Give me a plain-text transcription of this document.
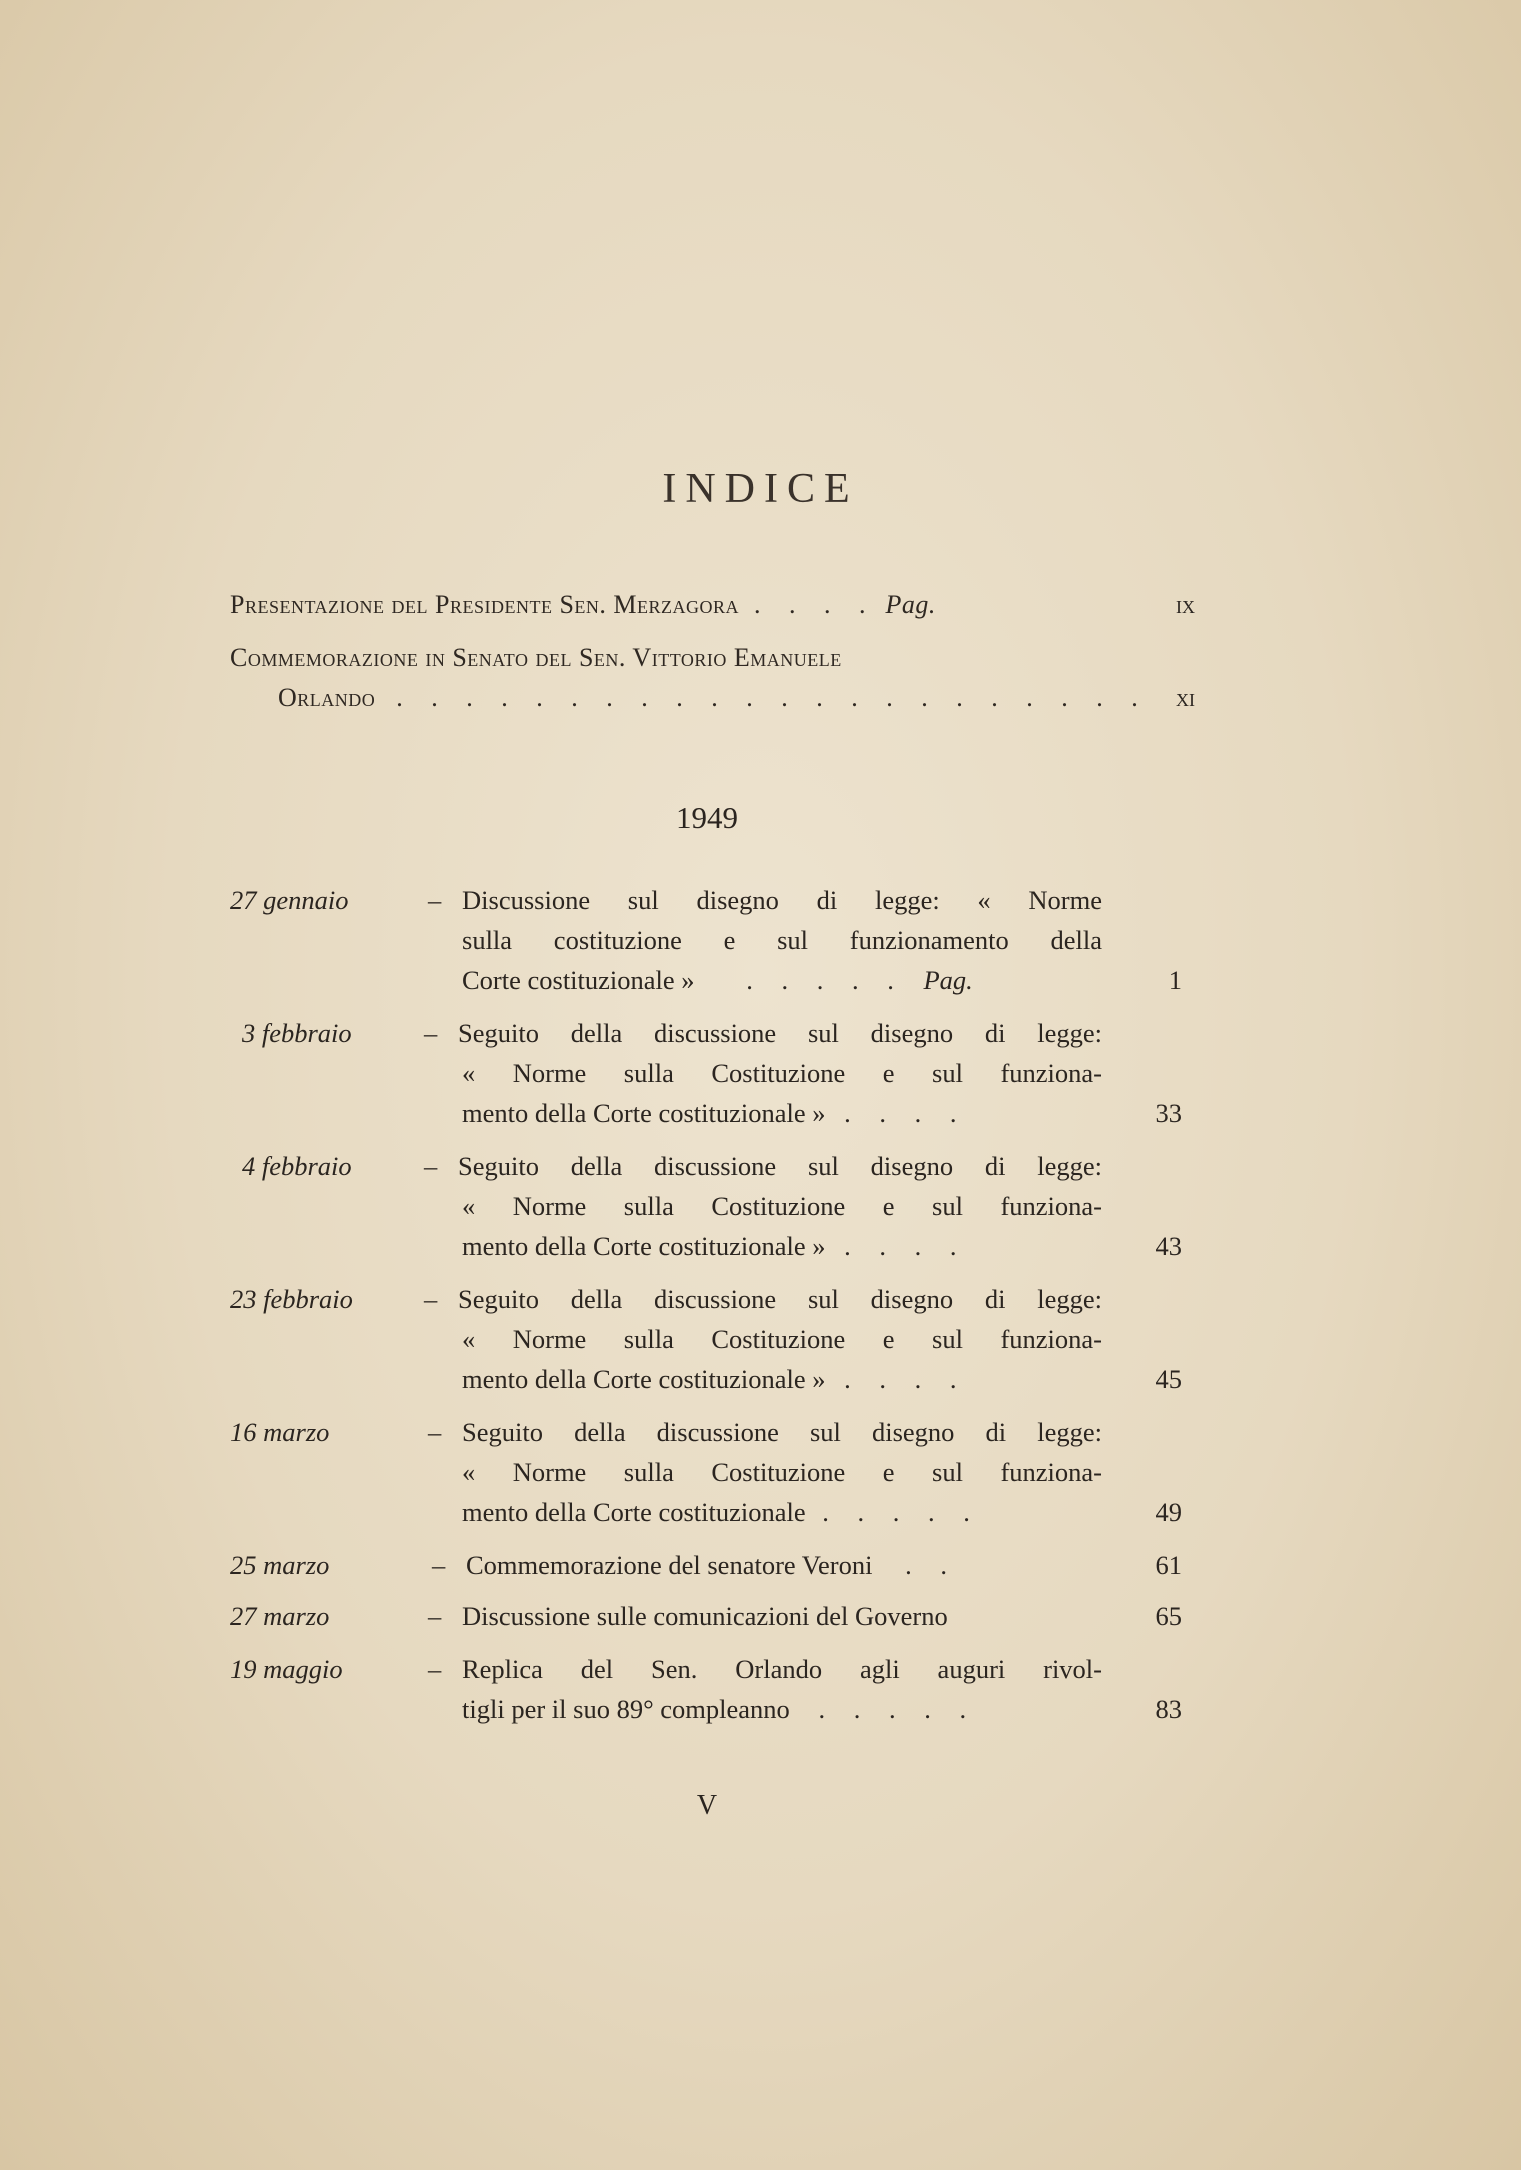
INDICE
Presentazione del Presidente Sen. Merzagora . . . . Pag.	ix
Commemorazione in Senato del Sen. Vittorio Emanuele
Orlando . . . . . . . . . . . . . . . . . . . . . .	xi
1949
27 gennaio	– Discussione sul disegno di legge: « Norme
sulla costituzione e sul funzionamento della
Corte costituzionale » . . . . . Pag.	1
3 febbraio	– Seguito della discussione sul disegno di legge:
« Norme sulla Costituzione e sul funziona-
mento della Corte costituzionale » . . . .	33
4 febbraio	– Seguito della discussione sul disegno di legge:
« Norme sulla Costituzione e sul funziona-
mento della Corte costituzionale » . . . .	43
23 febbraio	– Seguito della discussione sul disegno di legge:
« Norme sulla Costituzione e sul funziona-
mento della Corte costituzionale » . . . .	45
16 marzo	– Seguito della discussione sul disegno di legge:
« Norme sulla Costituzione e sul funziona-
mento della Corte costituzionale . . . . .	49
25 marzo	– Commemorazione del senatore Veroni . .	61
27 marzo	– Discussione sulle comunicazioni del Governo	65
19 maggio	– Replica del Sen. Orlando agli auguri rivol-
tigli per il suo 89° compleanno . . . . .	83
V
